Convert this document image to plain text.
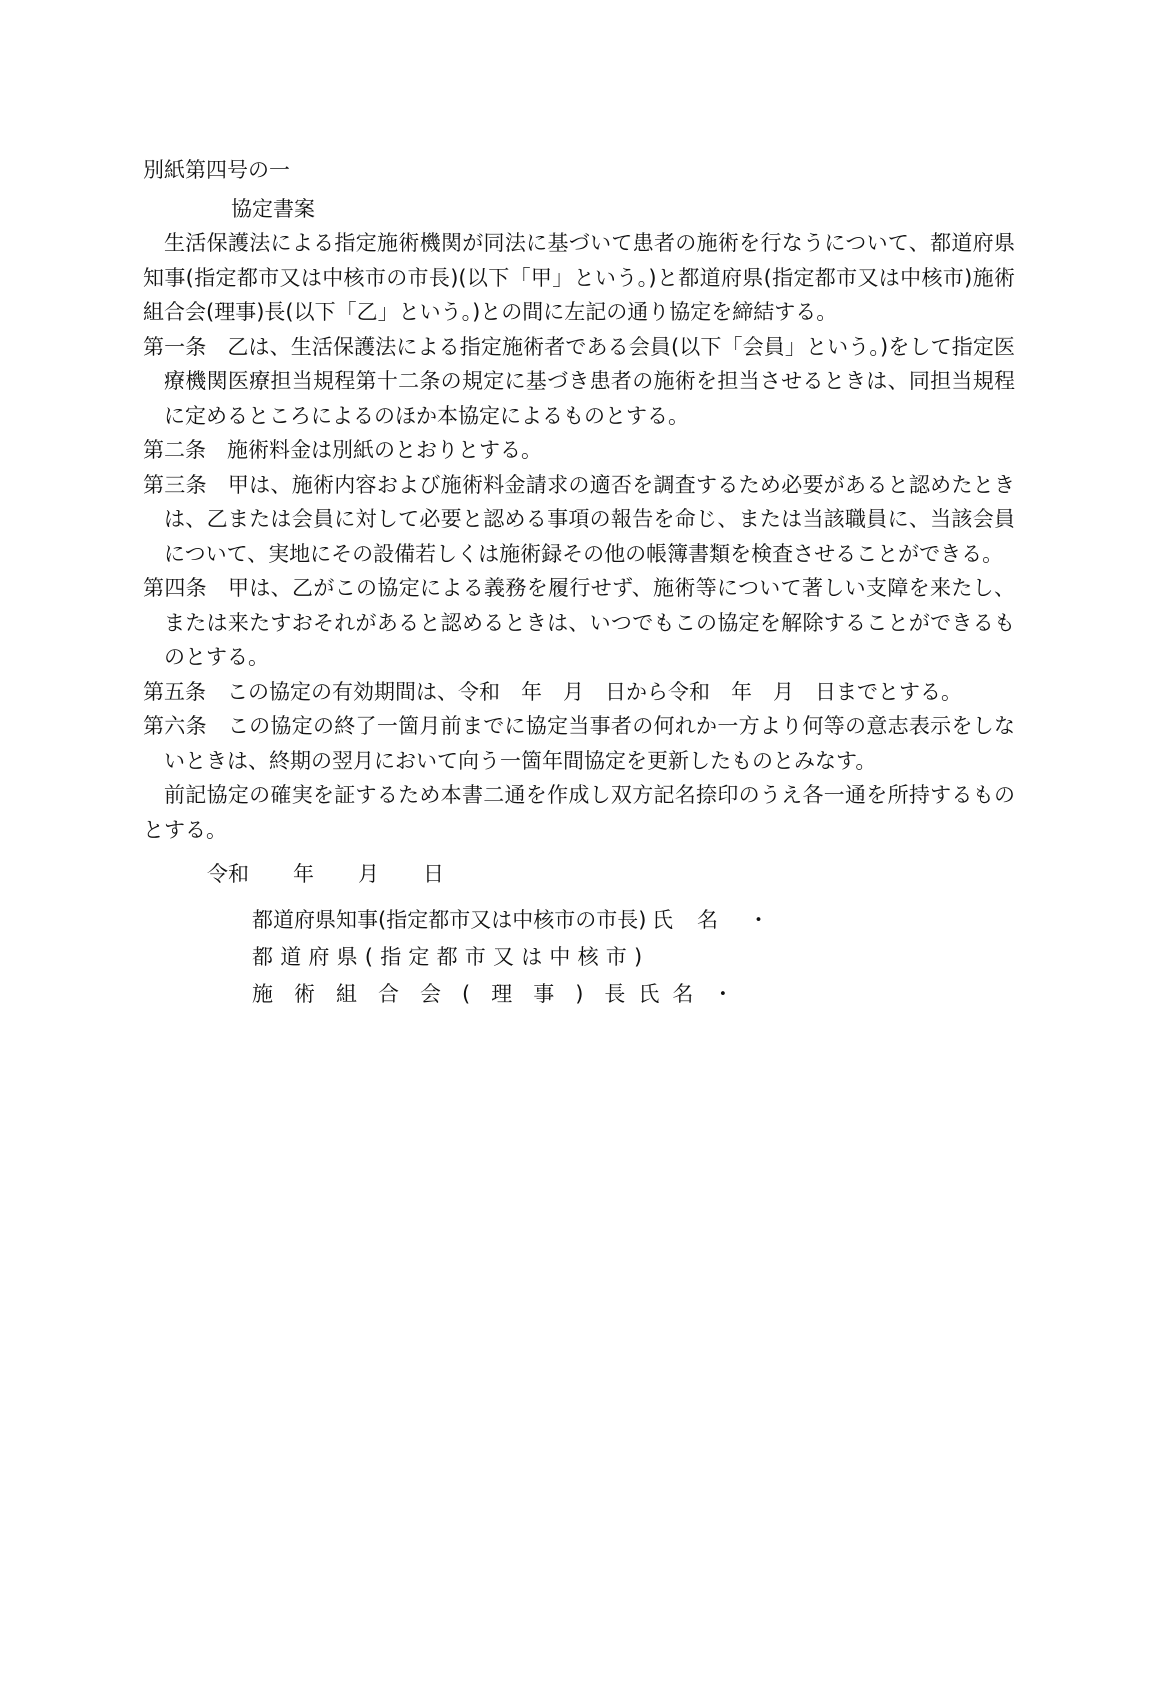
別紙第四号の一

協定書案

生活保護法による指定施術機関が同法に基づいて患者の施術を行なうについて、都道府県知事(指定都市又は中核市の市長)(以下「甲」という。)と都道府県(指定都市又は中核市)施術組合会(理事)長(以下「乙」という。)との間に左記の通り協定を締結する。

第一条 乙は、生活保護法による指定施術者である会員(以下「会員」という。)をして指定医療機関医療担当規程第十二条の規定に基づき患者の施術を担当させるときは、同担当規程に定めるところによるのほか本協定によるものとする。

第二条 施術料金は別紙のとおりとする。

第三条 甲は、施術内容および施術料金請求の適否を調査するため必要があると認めたときは、乙または会員に対して必要と認める事項の報告を命じ、または当該職員に、当該会員について、実地にその設備若しくは施術録その他の帳簿書類を検査させることができる。

第四条 甲は、乙がこの協定による義務を履行せず、施術等について著しい支障を来たし、または来たすおそれがあると認めるときは、いつでもこの協定を解除することができるものとする。

第五条 この協定の有効期間は、令和　年　月　日から令和　年　月　日までとする。

第六条 この協定の終了一箇月前までに協定当事者の何れか一方より何等の意志表示をしないときは、終期の翌月において向う一箇年間協定を更新したものとみなす。

前記協定の確実を証するため本書二通を作成し双方記名捺印のうえ各一通を所持するものとする。

令和 年 月 日

都道府県知事(指定都市又は中核市の市長) 氏名 ・

都道府県(指定都市又は中核市)

施術組合会(理事)長氏名 ・
